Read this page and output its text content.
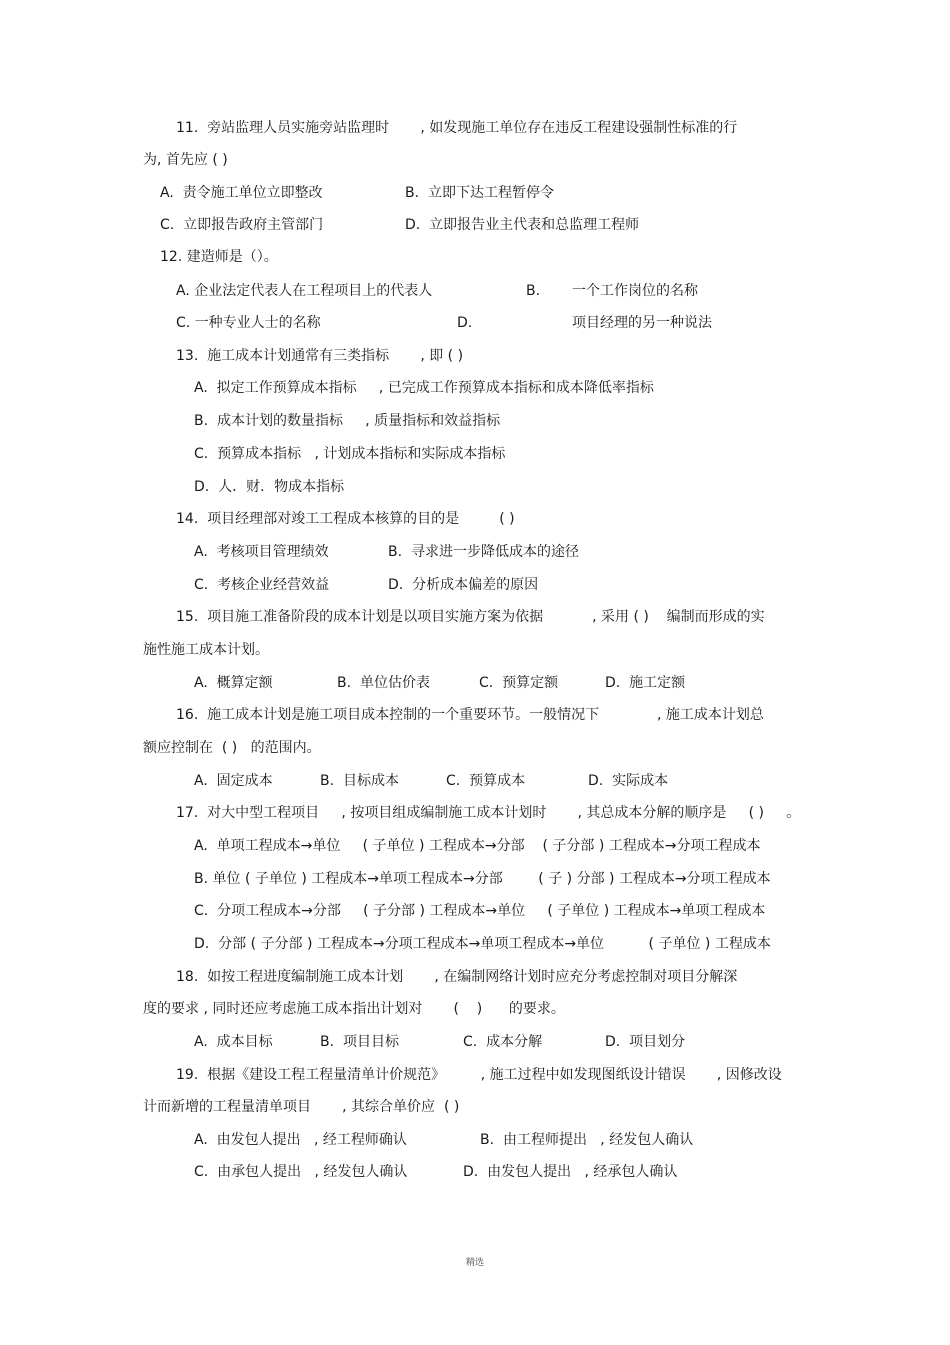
11.  旁站监理人员实施旁站监理时       , 如发现施工单位存在违反工程建设强制性标准的行
为, 首先应 ( )
A.  责令施工单位立即整改	B.  立即下达工程暂停令
C.  立即报告政府主管部门	D.  立即报告业主代表和总监理工程师
12. 建造师是（）。
A. 企业法定代表人在工程项目上的代表人	B. 一个工作岗位的名称
C. 一种专业人士的名称	D.	项目经理的另一种说法
13.  施工成本计划通常有三类指标       , 即 ( )
A.  拟定工作预算成本指标     , 已完成工作预算成本指标和成本降低率指标
B.  成本计划的数量指标     , 质量指标和效益指标
C.  预算成本指标   , 计划成本指标和实际成本指标
D.  人．财．物成本指标
14.  项目经理部对竣工工程成本核算的目的是         ( )
A.  考核项目管理绩效	B.  寻求进一步降低成本的途径
C.  考核企业经营效益	D.  分析成本偏差的原因
15.  项目施工准备阶段的成本计划是以项目实施方案为依据           , 采用 ( )    编制而形成的实
施性施工成本计划。
A.  概算定额	B.  单位估价表	C.  预算定额	D.  施工定额
16.  施工成本计划是施工项目成本控制的一个重要环节。一般情况下             , 施工成本计划总
额应控制在  ( )   的范围内。
A.  固定成本	B.  目标成本	C.  预算成本	D.  实际成本
17.  对大中型工程项目     , 按项目组成编制施工成本计划时       , 其总成本分解的顺序是     ( )     。
A.  单项工程成本→单位     ( 子单位 ) 工程成本→分部    ( 子分部 ) 工程成本→分项工程成本
B. 单位 ( 子单位 ) 工程成本→单项工程成本→分部        ( 子 ) 分部 ) 工程成本→分项工程成本
C.  分项工程成本→分部     ( 子分部 ) 工程成本→单位     ( 子单位 ) 工程成本→单项工程成本
D.  分部 ( 子分部 ) 工程成本→分项工程成本→单项工程成本→单位          ( 子单位 ) 工程成本
18.  如按工程进度编制施工成本计划       , 在编制网络计划时应充分考虑控制对项目分解深
度的要求 , 同时还应考虑施工成本指出计划对       (    )      的要求。
A.  成本目标	B.  项目目标	C.  成本分解	D.  项目划分
19.  根据《建设工程工程量清单计价规范》        , 施工过程中如发现图纸设计错误       , 因修改设
计而新增的工程量清单项目       , 其综合单价应  ( )
A.  由发包人提出   , 经工程师确认	B.  由工程师提出   , 经发包人确认
C.  由承包人提出   , 经发包人确认	D.  由发包人提出   , 经承包人确认
精选
